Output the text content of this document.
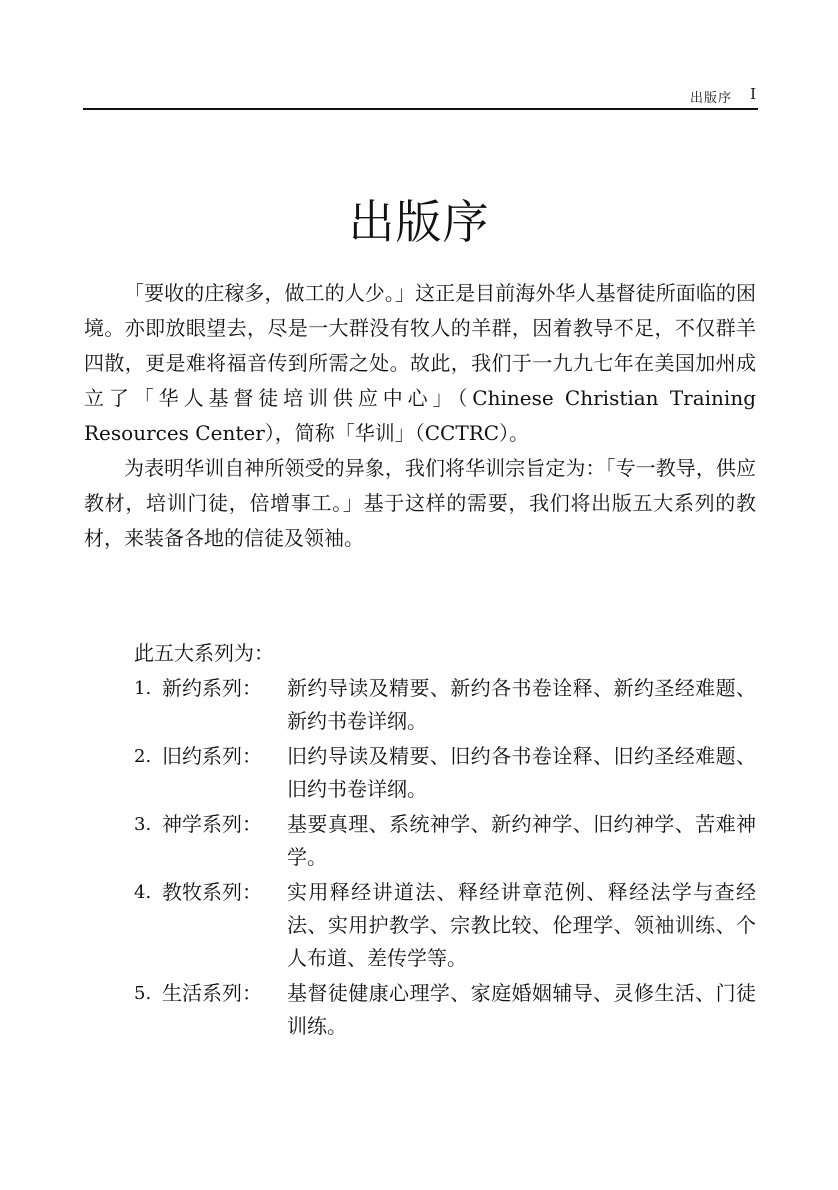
出版序 I
出版序

「要收的庄稼多，做工的人少。」这正是目前海外华人基督徒所面临的困境。亦即放眼望去，尽是一大群没有牧人的羊群，因着教导不足，不仅群羊四散，更是难将福音传到所需之处。故此，我们于一九九七年在美国加州成立了「华人基督徒培训供应中心」（Chinese Christian Training Resources Center），简称「华训」（CCTRC）。

为表明华训自神所领受的异象，我们将华训宗旨定为：「专一教导，供应教材，培训门徒，倍增事工。」基于这样的需要，我们将出版五大系列的教材，来装备各地的信徒及领袖。

此五大系列为：
1. 新约系列：	新约导读及精要、新约各书卷诠释、新约圣经难题、新约书卷详纲。
2. 旧约系列：	旧约导读及精要、旧约各书卷诠释、旧约圣经难题、旧约书卷详纲。
3. 神学系列：	基要真理、系统神学、新约神学、旧约神学、苦难神学。
4. 教牧系列：	实用释经讲道法、释经讲章范例、释经法学与查经法、实用护教学、宗教比较、伦理学、领袖训练、个人布道、差传学等。
5. 生活系列：	基督徒健康心理学、家庭婚姻辅导、灵修生活、门徒训练。
